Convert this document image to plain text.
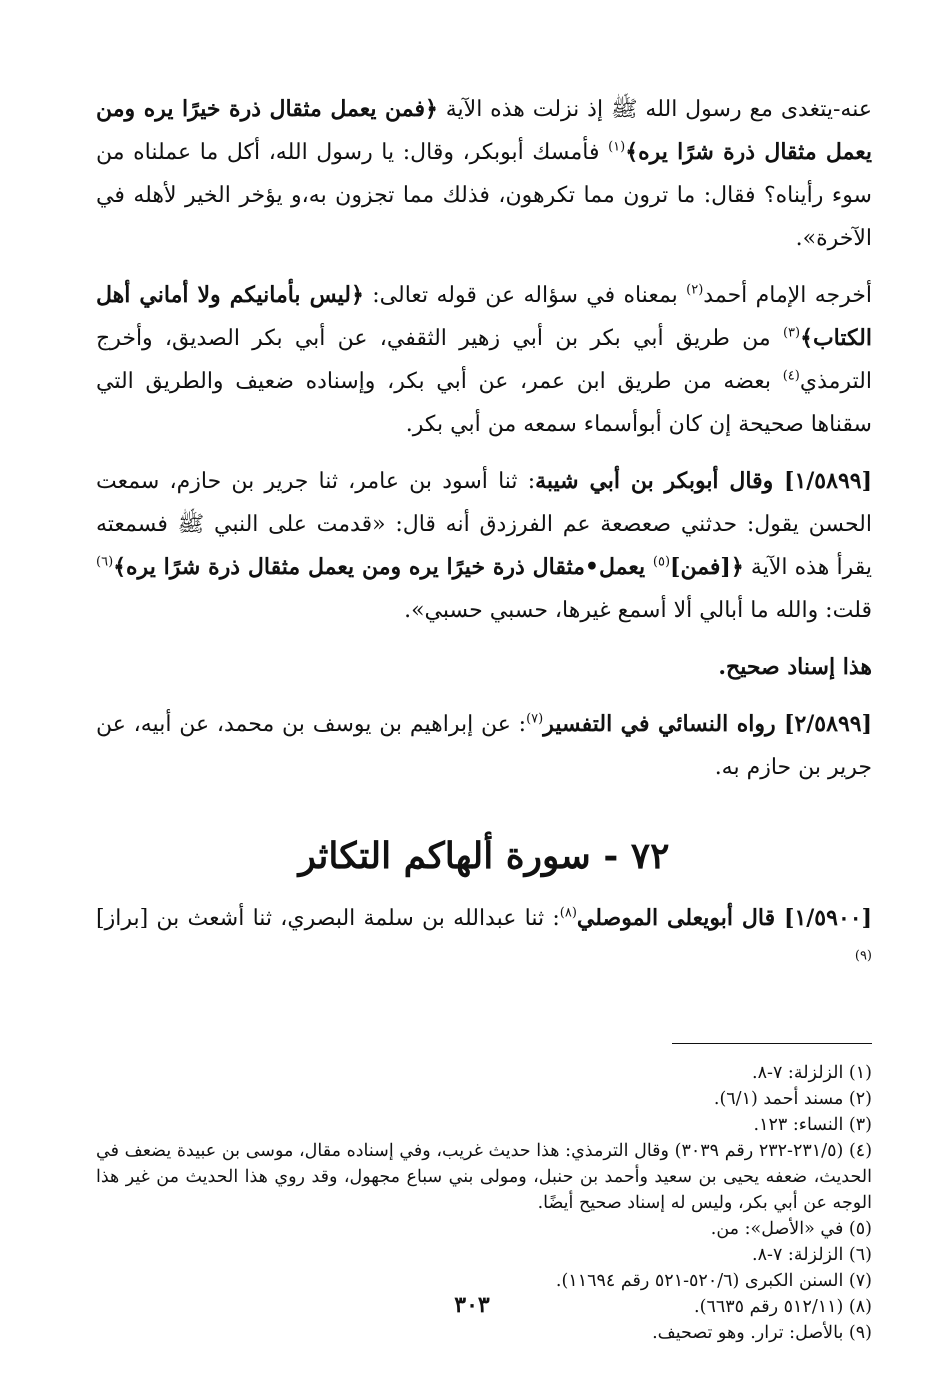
عنه-يتغدى مع رسول الله ﷺ إذ نزلت هذه الآية ﴿فمن يعمل مثقال ذرة خيرًا يره ومن يعمل مثقال ذرة شرًا يره﴾$^{(١)}$ فأمسك أبوبكر، وقال: يا رسول الله، أكل ما عملناه من سوء رأيناه؟ فقال: ما ترون مما تكرهون، فذلك مما تجزون به،و يؤخر الخير لأهله في الآخرة».

أخرجه الإمام أحمد$^{(٢)}$ بمعناه في سؤاله عن قوله تعالى: ﴿ليس بأمانيكم ولا أماني أهل الكتاب﴾$^{(٣)}$ من طريق أبي بكر بن أبي زهير الثقفي، عن أبي بكر الصديق، وأخرج الترمذي$^{(٤)}$ بعضه من طريق ابن عمر، عن أبي بكر، وإسناده ضعيف والطريق التي سقناها صحيحة إن كان أبوأسماء سمعه من أبي بكر.

[١/٥٨٩٩] وقال أبوبكر بن أبي شيبة: ثنا أسود بن عامر، ثنا جرير بن حازم، سمعت الحسن يقول: حدثني صعصعة عم الفرزدق أنه قال: «قدمت على النبي ﷺ فسمعته يقرأ هذه الآية ﴿[فمن]$^{(٥)}$ يعمل•مثقال ذرة خيرًا يره ومن يعمل مثقال ذرة شرًا يره﴾$^{(٦)}$ قلت: والله ما أبالي ألا أسمع غيرها، حسبي حسبي».

هذا إسناد صحيح.

[٢/٥٨٩٩] رواه النسائي في التفسير$^{(٧)}$: عن إبراهيم بن يوسف بن محمد، عن أبيه، عن جرير بن حازم به.

٧٢ - سورة ألهاكم التكاثر

[١/٥٩٠٠] قال أبويعلى الموصلي$^{(٨)}$: ثنا عبدالله بن سلمة البصري، ثنا أشعث بن [براز]$^{(٩)}$

(١) الزلزلة: ٧-٨.

(٢) مسند أحمد (٦/١).

(٣) النساء: ١٢٣.

(٤) (٢٣١/٥-٢٣٢ رقم ٣٠٣٩) وقال الترمذي: هذا حديث غريب، وفي إسناده مقال، موسى بن عبيدة يضعف في الحديث، ضعفه يحيى بن سعيد وأحمد بن حنبل، ومولى بني سباع مجهول، وقد روي هذا الحديث من غير هذا الوجه عن أبي بكر، وليس له إسناد صحيح أيضًا.

(٥) في «الأصل»: من.

(٦) الزلزلة: ٧-٨.

(٧) السنن الكبرى (٥٢٠/٦-٥٢١ رقم ١١٦٩٤).

(٨) (٥١٢/١١ رقم ٦٦٣٥).

(٩) بالأصل: ترار. وهو تصحيف.

٣٠٣
